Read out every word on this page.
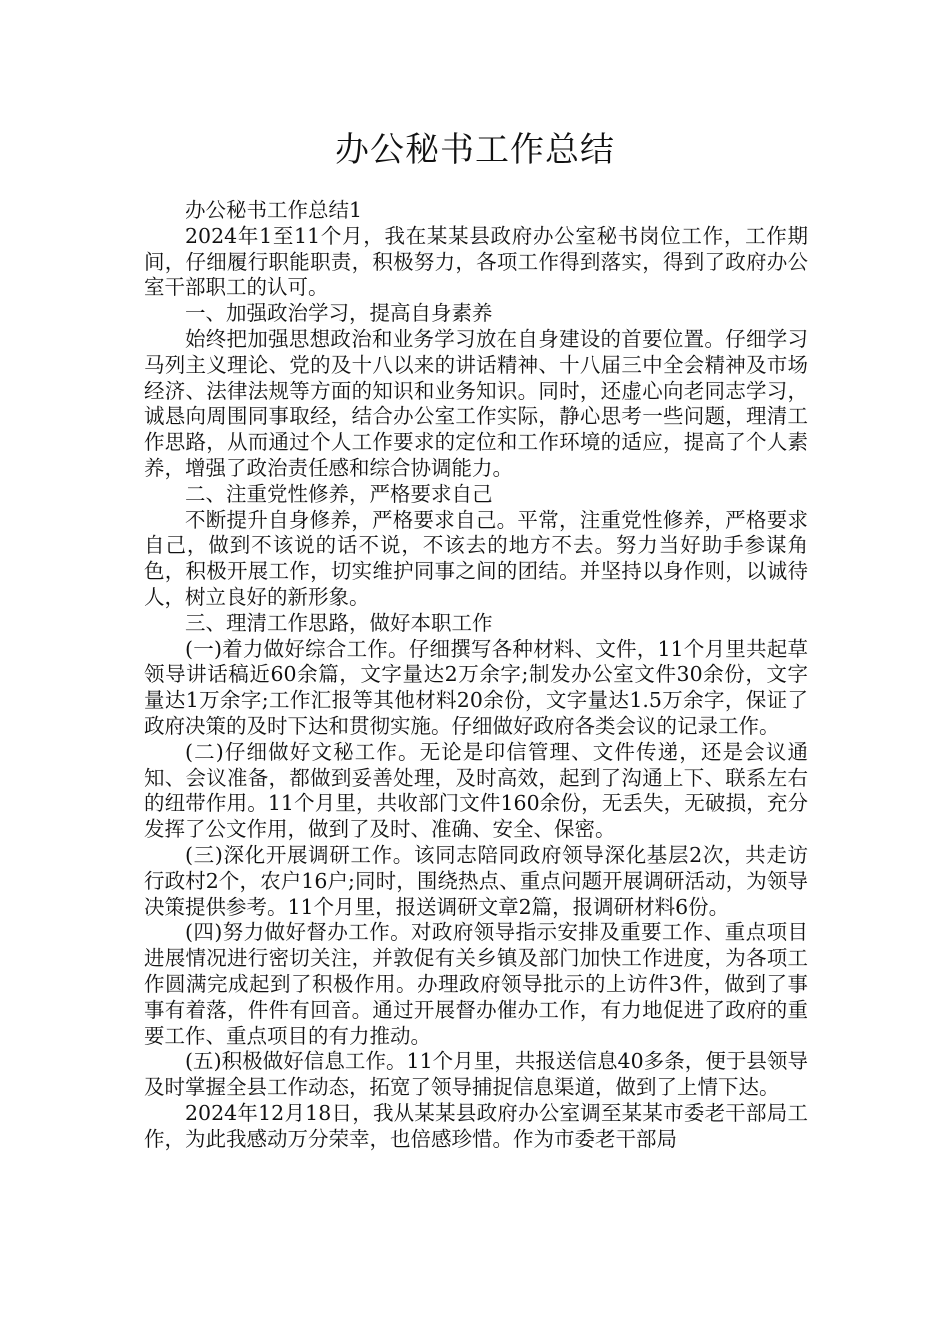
办公秘书工作总结

办公秘书工作总结1

2024年1至11个月，我在某某县政府办公室秘书岗位工作，工作期间，仔细履行职能职责，积极努力，各项工作得到落实，得到了政府办公室干部职工的认可。

一、加强政治学习，提高自身素养

始终把加强思想政治和业务学习放在自身建设的首要位置。仔细学习马列主义理论、党的及十八以来的讲话精神、十八届三中全会精神及市场经济、法律法规等方面的知识和业务知识。同时，还虚心向老同志学习，诚恳向周围同事取经，结合办公室工作实际，静心思考一些问题，理清工作思路，从而通过个人工作要求的定位和工作环境的适应，提高了个人素养，增强了政治责任感和综合协调能力。

二、注重党性修养，严格要求自己

不断提升自身修养，严格要求自己。平常，注重党性修养，严格要求自己，做到不该说的话不说，不该去的地方不去。努力当好助手参谋角色，积极开展工作，切实维护同事之间的团结。并坚持以身作则，以诚待人，树立良好的新形象。

三、理清工作思路，做好本职工作

(一)着力做好综合工作。仔细撰写各种材料、文件，11个月里共起草领导讲话稿近60余篇，文字量达2万余字;制发办公室文件30余份，文字量达1万余字;工作汇报等其他材料20余份，文字量达1.5万余字，保证了政府决策的及时下达和贯彻实施。仔细做好政府各类会议的记录工作。

(二)仔细做好文秘工作。无论是印信管理、文件传递，还是会议通知、会议准备，都做到妥善处理，及时高效，起到了沟通上下、联系左右的纽带作用。11个月里，共收部门文件160余份，无丢失，无破损，充分发挥了公文作用，做到了及时、准确、安全、保密。

(三)深化开展调研工作。该同志陪同政府领导深化基层2次，共走访行政村2个，农户16户;同时，围绕热点、重点问题开展调研活动，为领导决策提供参考。11个月里，报送调研文章2篇，报调研材料6份。

(四)努力做好督办工作。对政府领导指示安排及重要工作、重点项目进展情况进行密切关注，并敦促有关乡镇及部门加快工作进度，为各项工作圆满完成起到了积极作用。办理政府领导批示的上访件3件，做到了事事有着落，件件有回音。通过开展督办催办工作，有力地促进了政府的重要工作、重点项目的有力推动。

(五)积极做好信息工作。11个月里，共报送信息40多条，便于县领导及时掌握全县工作动态，拓宽了领导捕捉信息渠道，做到了上情下达。

2024年12月18日，我从某某县政府办公室调至某某市委老干部局工作，为此我感动万分荣幸，也倍感珍惜。作为市委老干部局
